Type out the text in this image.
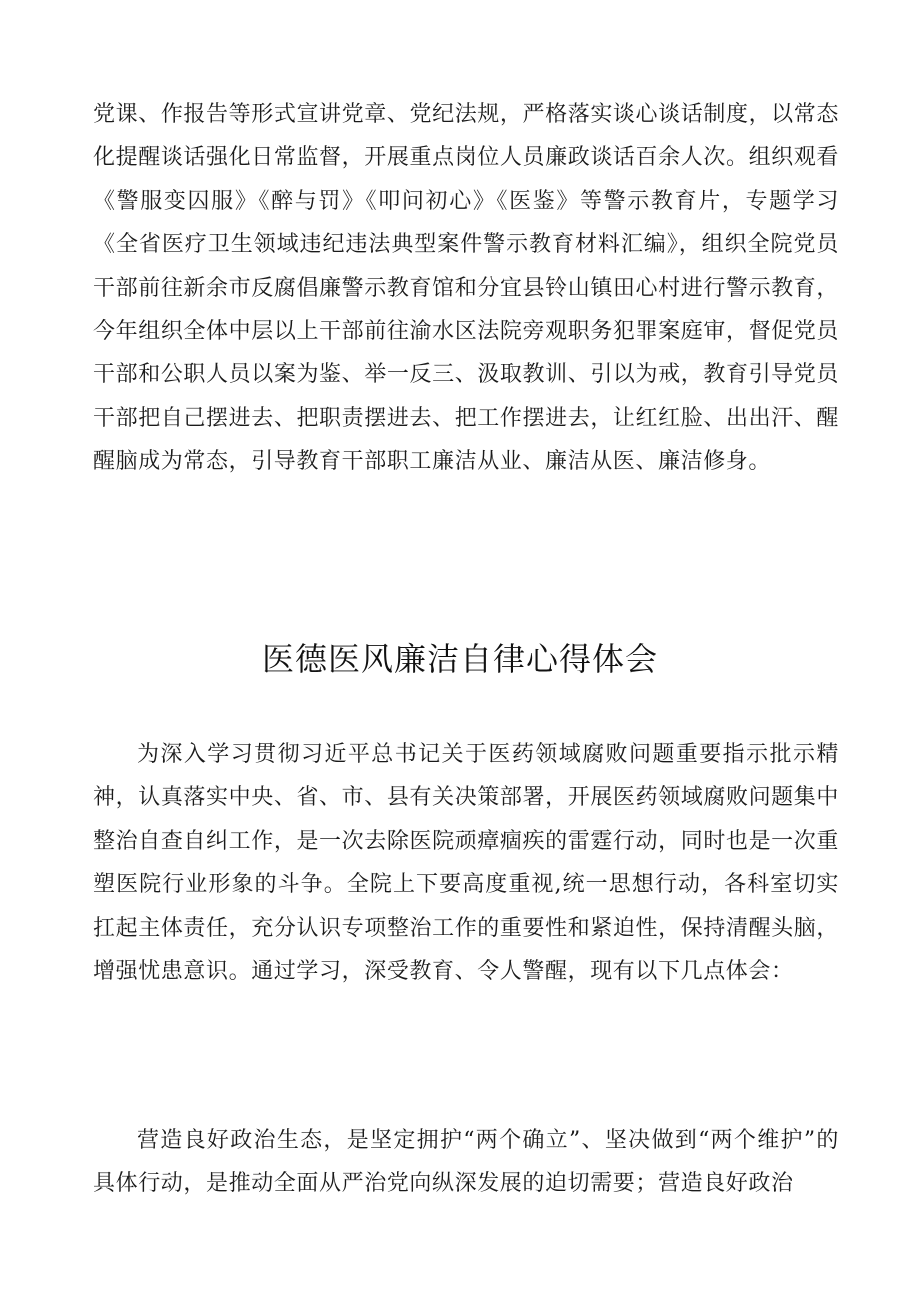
党课、作报告等形式宣讲党章、党纪法规，严格落实谈心谈话制度，以常态化提醒谈话强化日常监督，开展重点岗位人员廉政谈话百余人次。组织观看《警服变囚服》《醉与罚》《叩问初心》《医鉴》等警示教育片，专题学习《全省医疗卫生领域违纪违法典型案件警示教育材料汇编》，组织全院党员干部前往新余市反腐倡廉警示教育馆和分宜县铃山镇田心村进行警示教育，今年组织全体中层以上干部前往渝水区法院旁观职务犯罪案庭审，督促党员干部和公职人员以案为鉴、举一反三、汲取教训、引以为戒，教育引导党员干部把自己摆进去、把职责摆进去、把工作摆进去，让红红脸、出出汗、醒醒脑成为常态，引导教育干部职工廉洁从业、廉洁从医、廉洁修身。

医德医风廉洁自律心得体会

为深入学习贯彻习近平总书记关于医药领域腐败问题重要指示批示精神，认真落实中央、省、市、县有关决策部署，开展医药领域腐败问题集中整治自查自纠工作，是一次去除医院顽瘴痼疾的雷霆行动，同时也是一次重塑医院行业形象的斗争。全院上下要高度重视,统一思想行动，各科室切实扛起主体责任，充分认识专项整治工作的重要性和紧迫性，保持清醒头脑，增强忧患意识。通过学习，深受教育、令人警醒，现有以下几点体会：

营造良好政治生态，是坚定拥护“两个确立”、坚决做到“两个维护”的具体行动，是推动全面从严治党向纵深发展的迫切需要；营造良好政治
